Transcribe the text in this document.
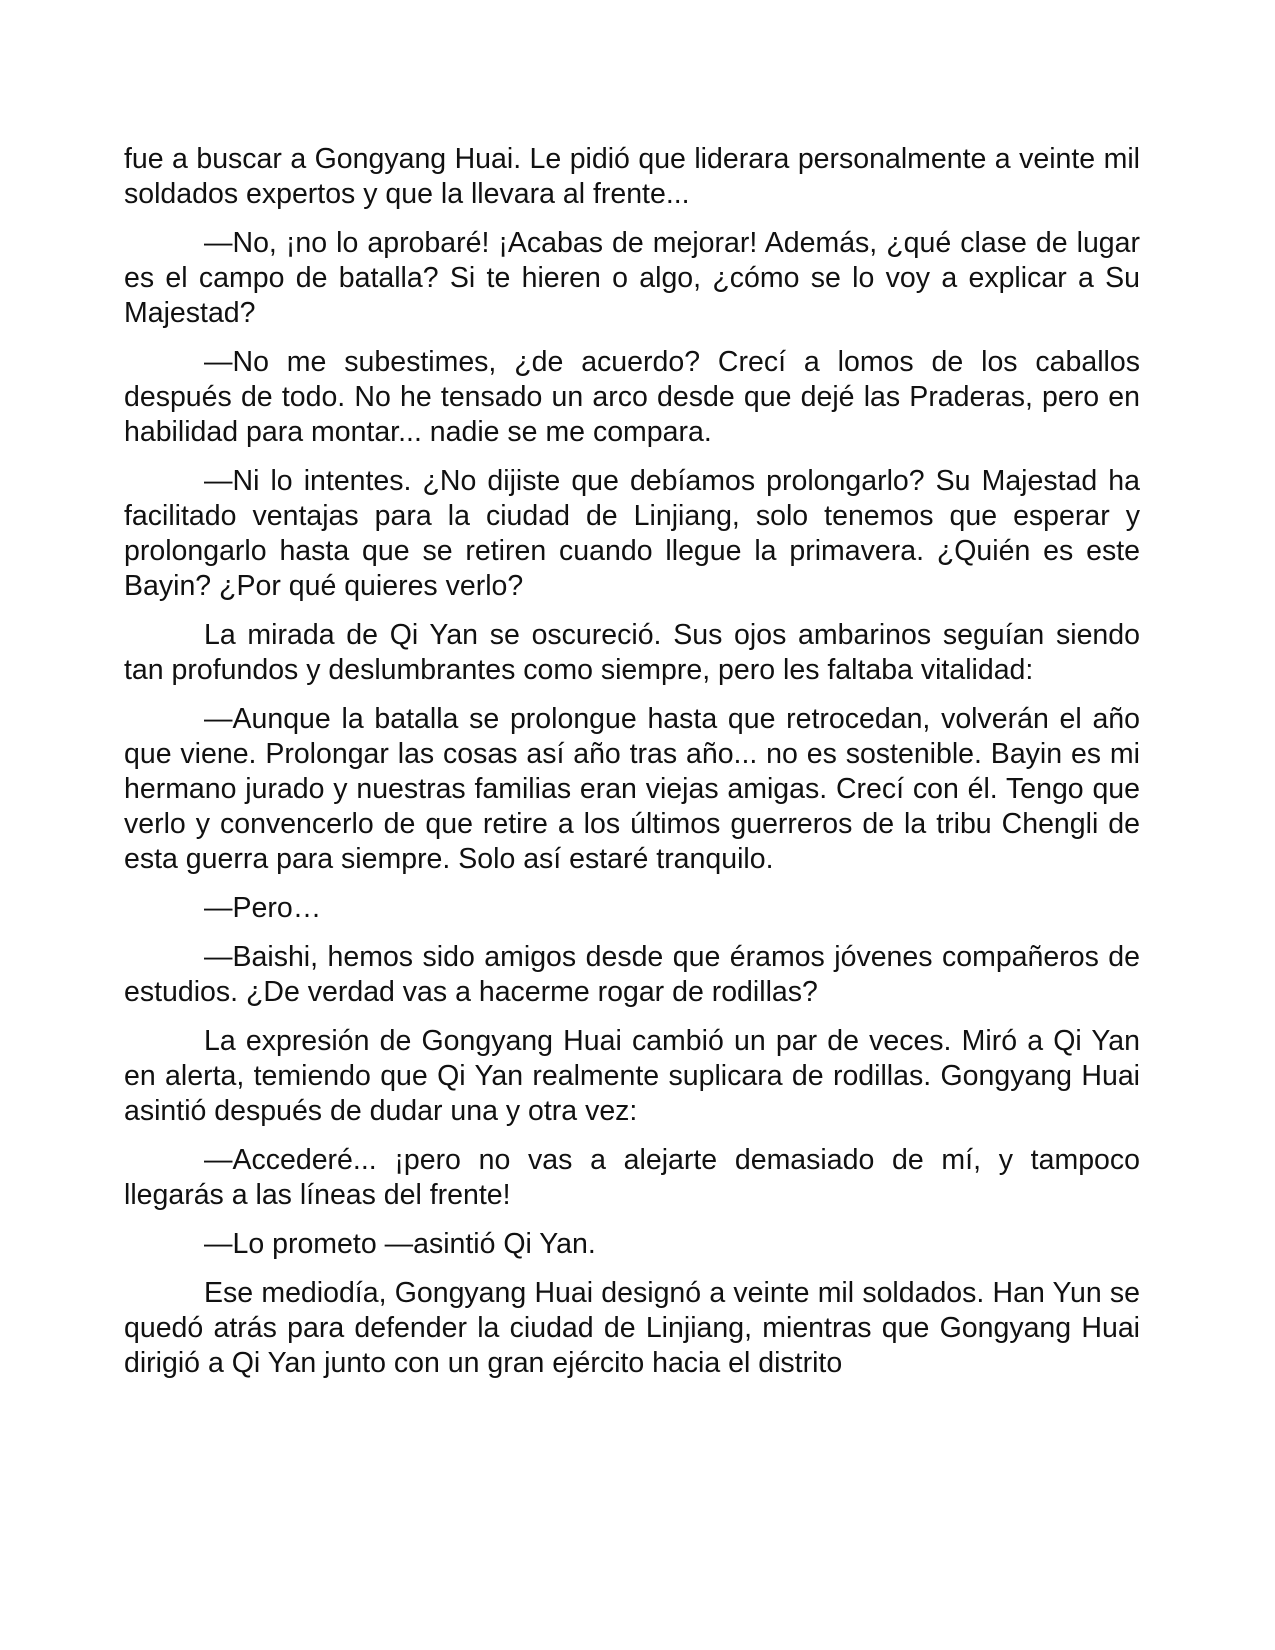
fue a buscar a Gongyang Huai. Le pidió que liderara personalmente a veinte mil soldados expertos y que la llevara al frente...

—No, ¡no lo aprobaré! ¡Acabas de mejorar! Además, ¿qué clase de lugar es el campo de batalla? Si te hieren o algo, ¿cómo se lo voy a explicar a Su Majestad?

—No me subestimes, ¿de acuerdo? Crecí a lomos de los caballos después de todo. No he tensado un arco desde que dejé las Praderas, pero en habilidad para montar... nadie se me compara.

—Ni lo intentes. ¿No dijiste que debíamos prolongarlo? Su Majestad ha facilitado ventajas para la ciudad de Linjiang, solo tenemos que esperar y prolongarlo hasta que se retiren cuando llegue la primavera. ¿Quién es este Bayin? ¿Por qué quieres verlo?

La mirada de Qi Yan se oscureció. Sus ojos ambarinos seguían siendo tan profundos y deslumbrantes como siempre, pero les faltaba vitalidad:

—Aunque la batalla se prolongue hasta que retrocedan, volverán el año que viene. Prolongar las cosas así año tras año... no es sostenible. Bayin es mi hermano jurado y nuestras familias eran viejas amigas. Crecí con él. Tengo que verlo y convencerlo de que retire a los últimos guerreros de la tribu Chengli de esta guerra para siempre. Solo así estaré tranquilo.

—Pero…

—Baishi, hemos sido amigos desde que éramos jóvenes compañeros de estudios. ¿De verdad vas a hacerme rogar de rodillas?

La expresión de Gongyang Huai cambió un par de veces. Miró a Qi Yan en alerta, temiendo que Qi Yan realmente suplicara de rodillas. Gongyang Huai asintió después de dudar una y otra vez:

—Accederé... ¡pero no vas a alejarte demasiado de mí, y tampoco llegarás a las líneas del frente!

—Lo prometo —asintió Qi Yan.

Ese mediodía, Gongyang Huai designó a veinte mil soldados. Han Yun se quedó atrás para defender la ciudad de Linjiang, mientras que Gongyang Huai dirigió a Qi Yan junto con un gran ejército hacia el distrito
